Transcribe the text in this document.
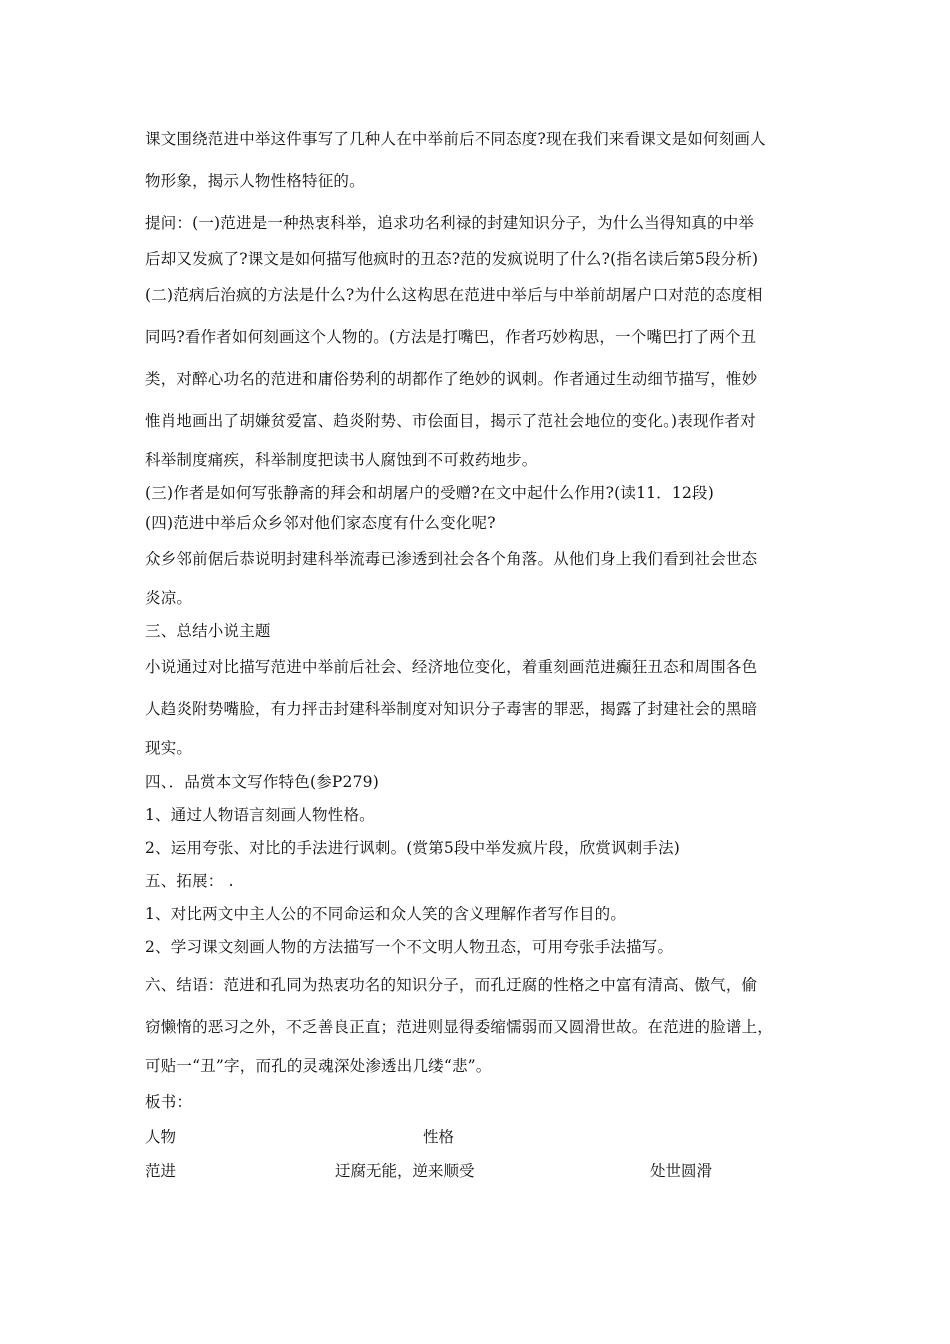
课文围绕范进中举这件事写了几种人在中举前后不同态度?现在我们来看课文是如何刻画人
物形象，揭示人物性格特征的。
提问：(一)范进是一种热衷科举，追求功名利禄的封建知识分子，为什么当得知真的中举
后却又发疯了?课文是如何描写他疯时的丑态?范的发疯说明了什么?(指名读后第5段分析)
(二)范病后治疯的方法是什么?为什么这构思在范进中举后与中举前胡屠户口对范的态度相
同吗?看作者如何刻画这个人物的。(方法是打嘴巴，作者巧妙构思，一个嘴巴打了两个丑
类，对醉心功名的范进和庸俗势利的胡都作了绝妙的讽刺。作者通过生动细节描写，惟妙
惟肖地画出了胡嫌贫爱富、趋炎附势、市侩面目，揭示了范社会地位的变化。)表现作者对
科举制度痛疾，科举制度把读书人腐蚀到不可救药地步。
(三)作者是如何写张静斋的拜会和胡屠户的受赠?在文中起什么作用?(读11．12段)
(四)范进中举后众乡邻对他们家态度有什么变化呢?
众乡邻前倨后恭说明封建科举流毒已渗透到社会各个角落。从他们身上我们看到社会世态
炎凉。
三、总结小说主题
小说通过对比描写范进中举前后社会、经济地位变化，着重刻画范进癫狂丑态和周围各色
人趋炎附势嘴脸，有力抨击封建科举制度对知识分子毒害的罪恶，揭露了封建社会的黑暗
现实。
四、．品赏本文写作特色(参P279)
1、通过人物语言刻画人物性格。
2、运用夸张、对比的手法进行讽刺。(赏第5段中举发疯片段，欣赏讽刺手法)
五、拓展： .
1、对比两文中主人公的不同命运和众人笑的含义理解作者写作目的。
2、学习课文刻画人物的方法描写一个不文明人物丑态，可用夸张手法描写。
六、结语：范进和孔同为热衷功名的知识分子，而孔迂腐的性格之中富有清高、傲气，偷
窃懒惰的恶习之外，不乏善良正直；范进则显得委缩懦弱而又圆滑世故。在范进的脸谱上，
可贴一“丑”字，而孔的灵魂深处渗透出几缕“悲”。
板书：
人物	性格
范进	迂腐无能，逆来顺受	处世圆滑
